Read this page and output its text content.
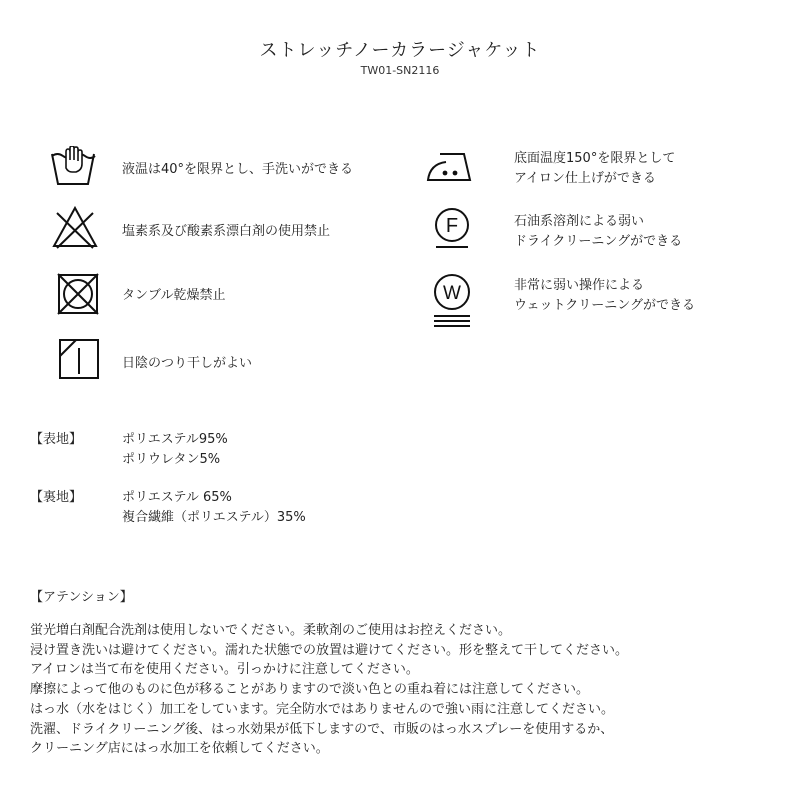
ストレッチノーカラージャケット
TW01-SN2116
液温は40°を限界とし、手洗いができる
塩素系及び酸素系漂白剤の使用禁止
タンブル乾燥禁止
日陰のつり干しがよい
底面温度150°を限界として
アイロン仕上げができる
F	石油系溶剤による弱い
ドライクリーニングができる
W	非常に弱い操作による
ウェットクリーニングができる
【表地】	ポリエステル95%
ポリウレタン5%
【裏地】	ポリエステル 65%
複合繊維（ポリエステル）35%
【アテンション】
蛍光増白剤配合洗剤は使用しないでください。柔軟剤のご使用はお控えください。
浸け置き洗いは避けてください。濡れた状態での放置は避けてください。形を整えて干してください。
アイロンは当て布を使用ください。引っかけに注意してください。
摩擦によって他のものに色が移ることがありますので淡い色との重ね着には注意してください。
はっ水（水をはじく）加工をしています。完全防水ではありませんので強い雨に注意してください。
洗濯、ドライクリーニング後、はっ水効果が低下しますので、市販のはっ水スプレーを使用するか、
クリーニング店にはっ水加工を依頼してください。
